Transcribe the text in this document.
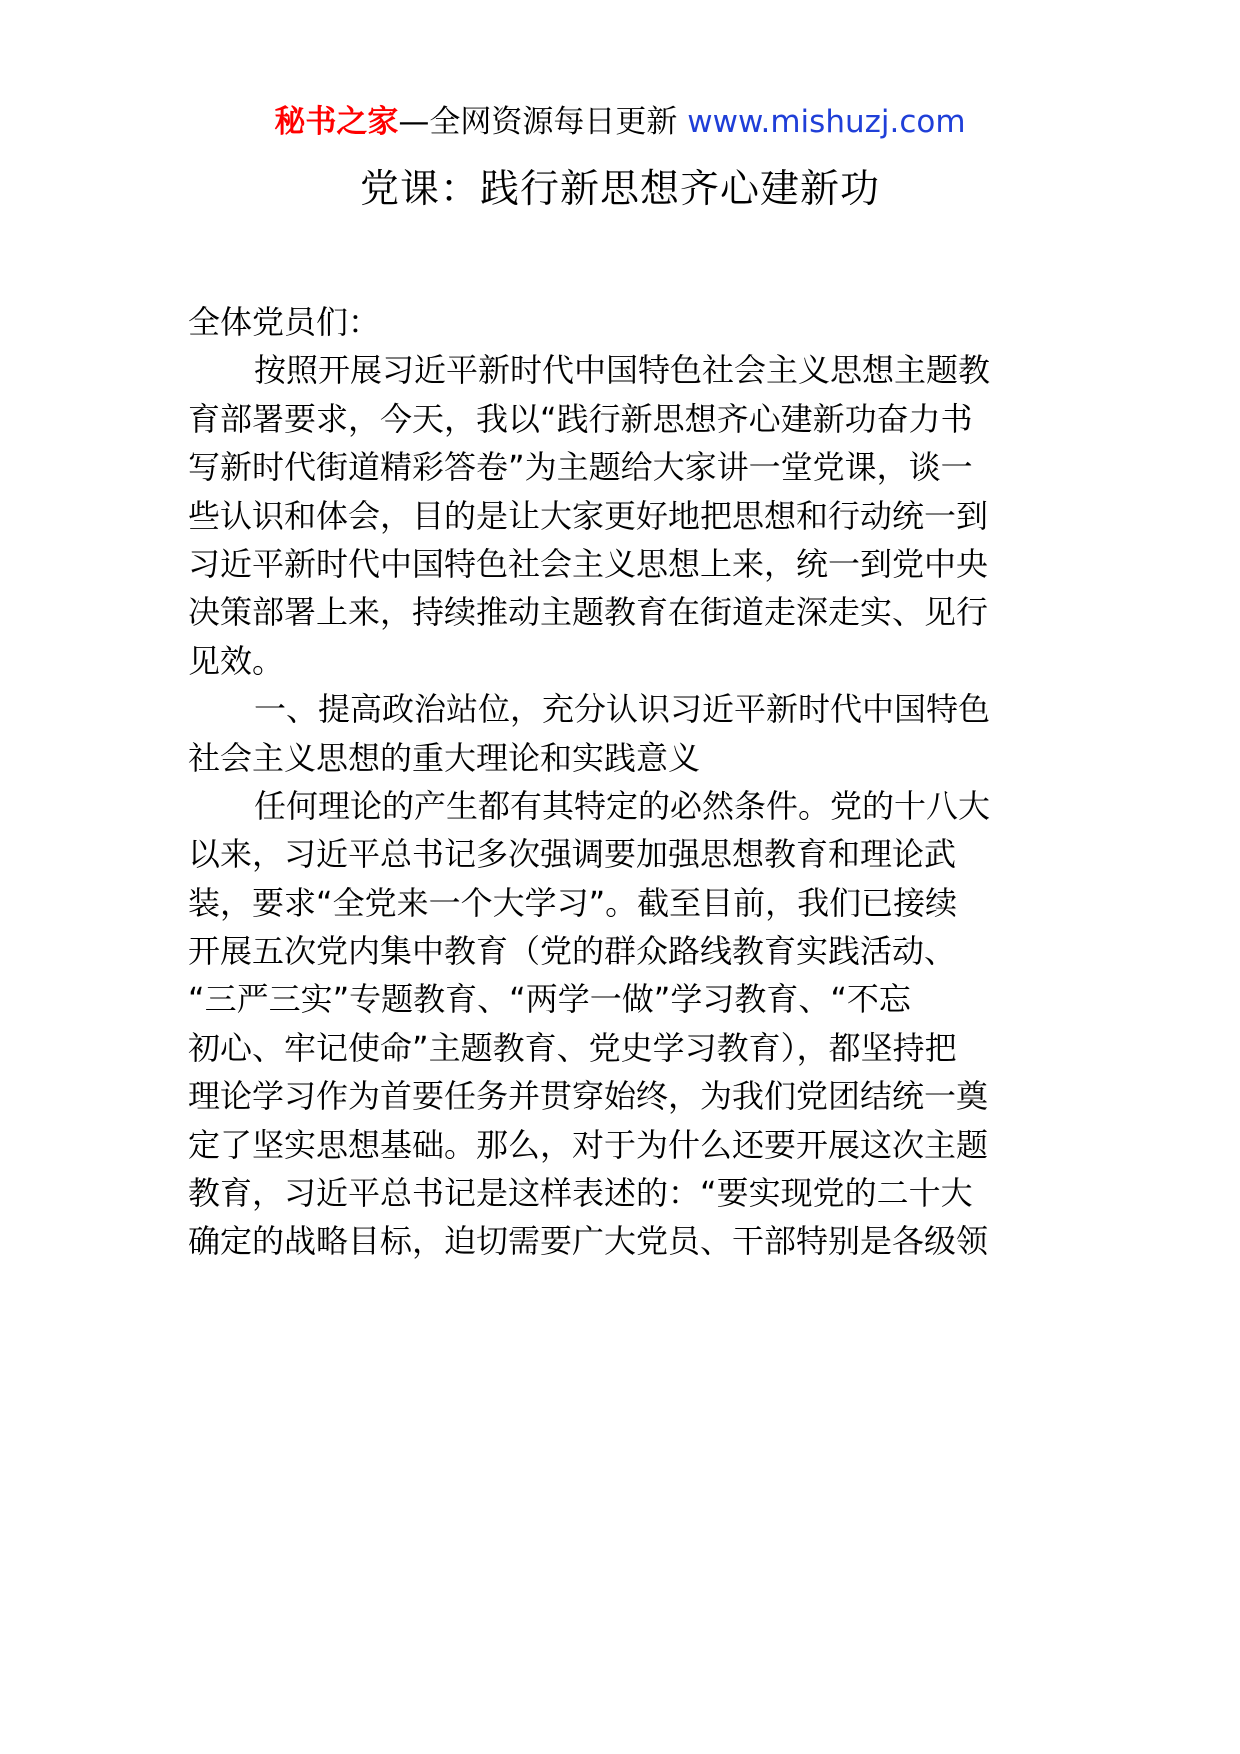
秘书之家—全网资源每日更新 www.mishuzj.com
党课：践行新思想齐心建新功
全体党员们：
按照开展习近平新时代中国特色社会主义思想主题教
育部署要求，今天，我以“践行新思想齐心建新功奋力书
写新时代街道精彩答卷”为主题给大家讲一堂党课，谈一
些认识和体会，目的是让大家更好地把思想和行动统一到
习近平新时代中国特色社会主义思想上来，统一到党中央
决策部署上来，持续推动主题教育在街道走深走实、见行
见效。
一、提高政治站位，充分认识习近平新时代中国特色
社会主义思想的重大理论和实践意义
任何理论的产生都有其特定的必然条件。党的十八大
以来，习近平总书记多次强调要加强思想教育和理论武
装，要求“全党来一个大学习”。截至目前，我们已接续
开展五次党内集中教育（党的群众路线教育实践活动、
“三严三实”专题教育、“两学一做”学习教育、“不忘
初心、牢记使命”主题教育、党史学习教育），都坚持把
理论学习作为首要任务并贯穿始终，为我们党团结统一奠
定了坚实思想基础。那么，对于为什么还要开展这次主题
教育，习近平总书记是这样表述的：“要实现党的二十大
确定的战略目标，迫切需要广大党员、干部特别是各级领
